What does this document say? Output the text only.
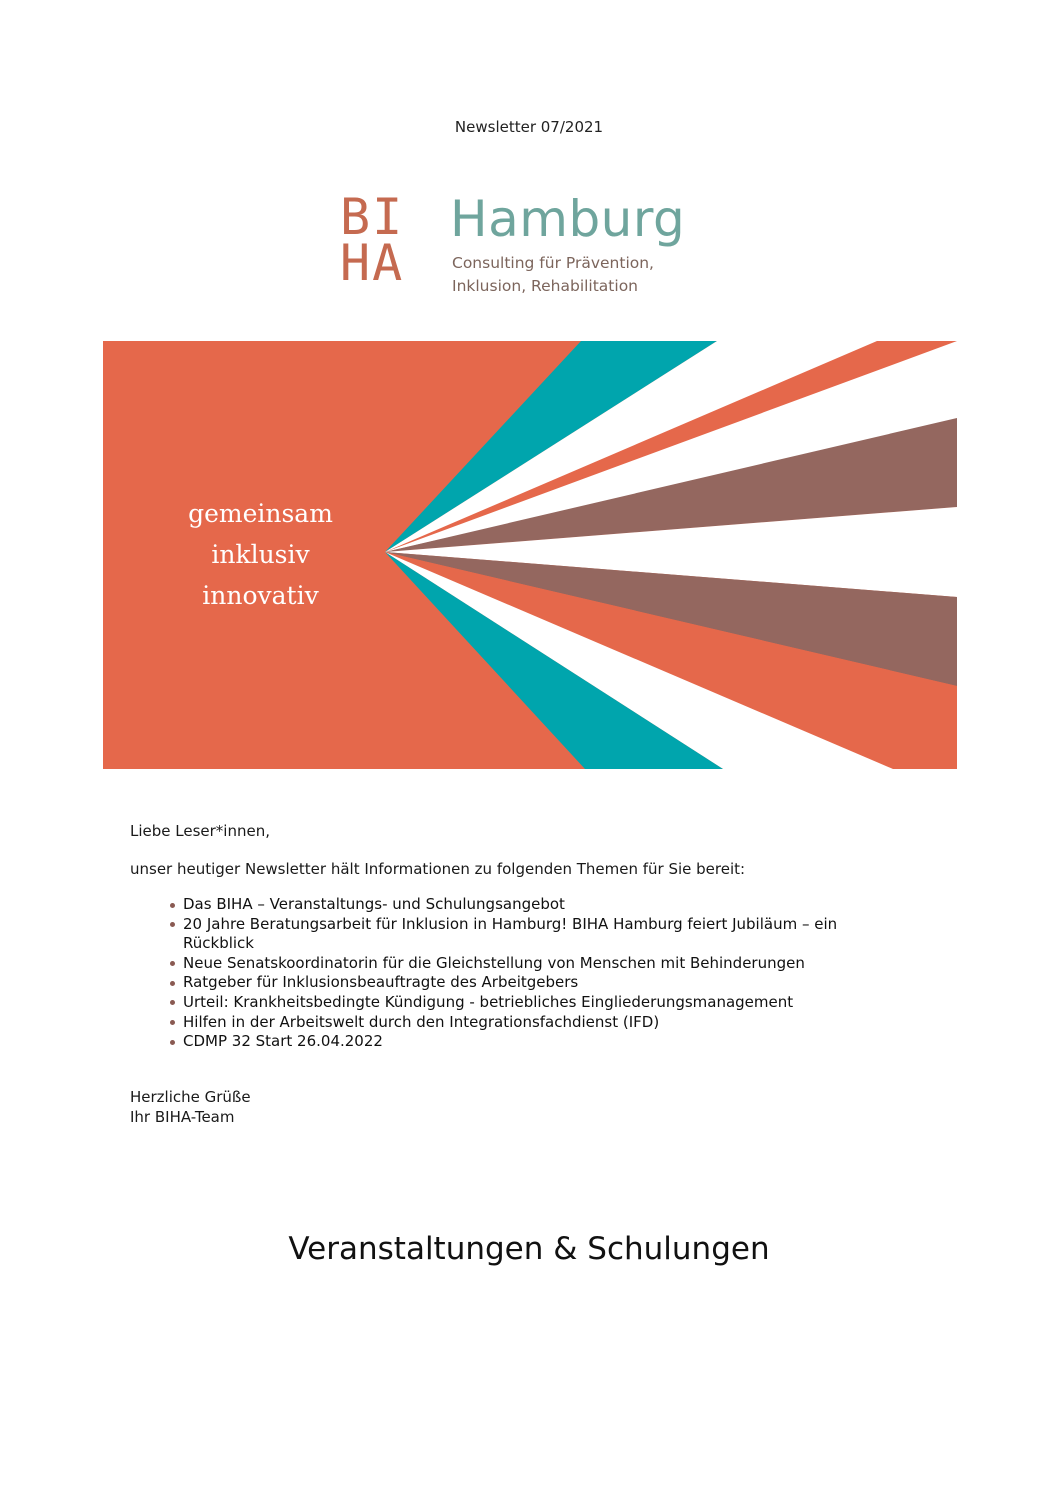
Newsletter 07/2021
BI
HA
Hamburg
Consulting für Prävention,
Inklusion, Rehabilitation
gemeinsam
inklusiv
innovativ
Liebe Leser*innen,
unser heutiger Newsletter hält Informationen zu folgenden Themen für Sie bereit:
Das BIHA – Veranstaltungs- und Schulungsangebot
20 Jahre Beratungsarbeit für Inklusion in Hamburg! BIHA Hamburg feiert Jubiläum – ein Rückblick
Neue Senatskoordinatorin für die Gleichstellung von Menschen mit Behinderungen
Ratgeber für Inklusionsbeauftragte des Arbeitgebers
Urteil: Krankheitsbedingte Kündigung - betriebliches Eingliederungsmanagement
Hilfen in der Arbeitswelt durch den Integrationsfachdienst (IFD)
CDMP 32 Start 26.04.2022
Herzliche Grüße
Ihr BIHA-Team
Veranstaltungen & Schulungen
